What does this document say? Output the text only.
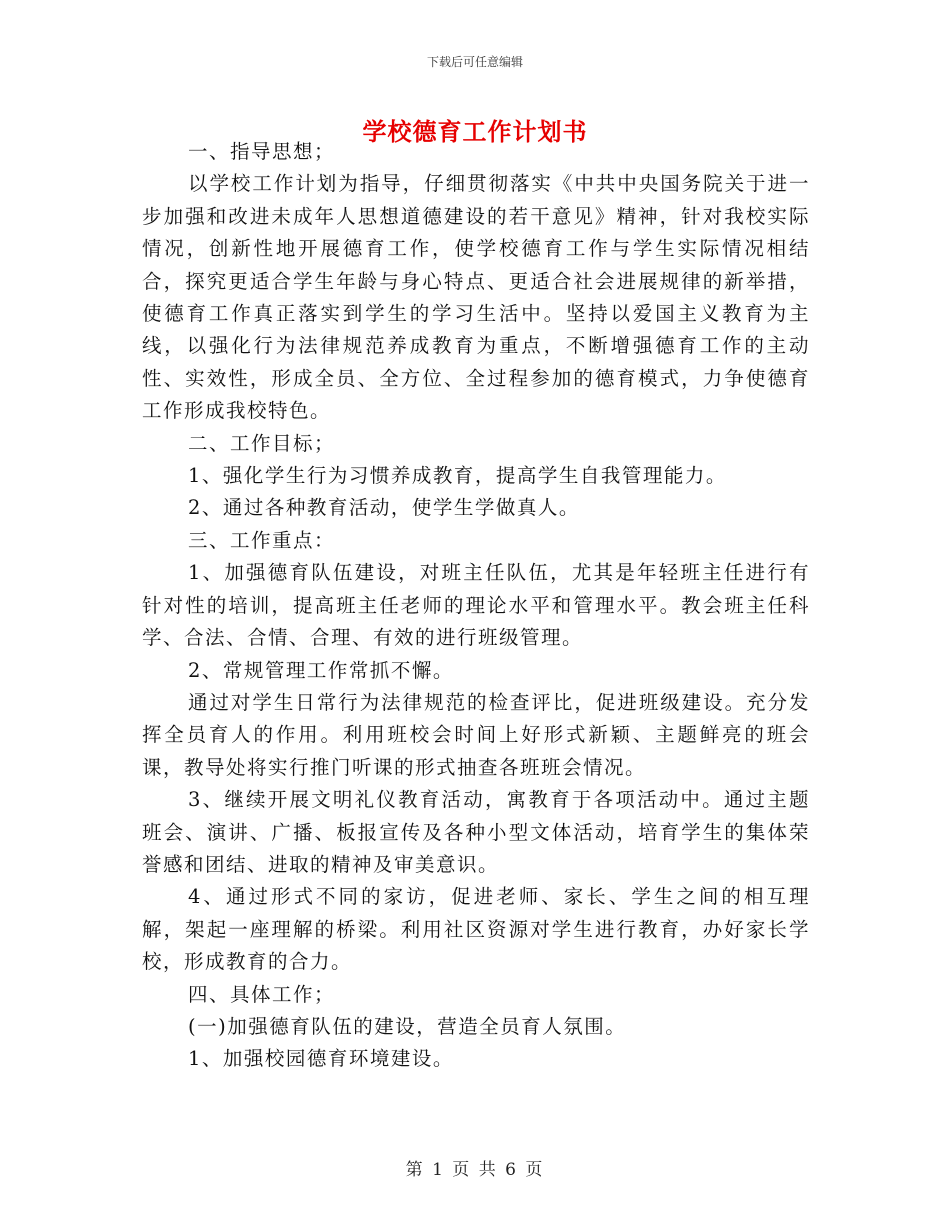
下载后可任意编辑
学校德育工作计划书

一、指导思想；

以学校工作计划为指导，仔细贯彻落实《中共中央国务院关于进一步加强和改进未成年人思想道德建设的若干意见》精神，针对我校实际情况，创新性地开展德育工作，使学校德育工作与学生实际情况相结合，探究更适合学生年龄与身心特点、更适合社会进展规律的新举措，使德育工作真正落实到学生的学习生活中。坚持以爱国主义教育为主线，以强化行为法律规范养成教育为重点，不断增强德育工作的主动性、实效性，形成全员、全方位、全过程参加的德育模式，力争使德育工作形成我校特色。

二、工作目标；

1、强化学生行为习惯养成教育，提高学生自我管理能力。

2、通过各种教育活动，使学生学做真人。

三、工作重点：

1、加强德育队伍建设，对班主任队伍，尤其是年轻班主任进行有针对性的培训，提高班主任老师的理论水平和管理水平。教会班主任科学、合法、合情、合理、有效的进行班级管理。

2、常规管理工作常抓不懈。

通过对学生日常行为法律规范的检查评比，促进班级建设。充分发挥全员育人的作用。利用班校会时间上好形式新颖、主题鲜亮的班会课，教导处将实行推门听课的形式抽查各班班会情况。

3、继续开展文明礼仪教育活动，寓教育于各项活动中。通过主题班会、演讲、广播、板报宣传及各种小型文体活动，培育学生的集体荣誉感和团结、进取的精神及审美意识。

4、通过形式不同的家访，促进老师、家长、学生之间的相互理解，架起一座理解的桥梁。利用社区资源对学生进行教育，办好家长学校，形成教育的合力。

四、具体工作；

(一)加强德育队伍的建设，营造全员育人氛围。

1、加强校园德育环境建设。

第 1 页 共 6 页
